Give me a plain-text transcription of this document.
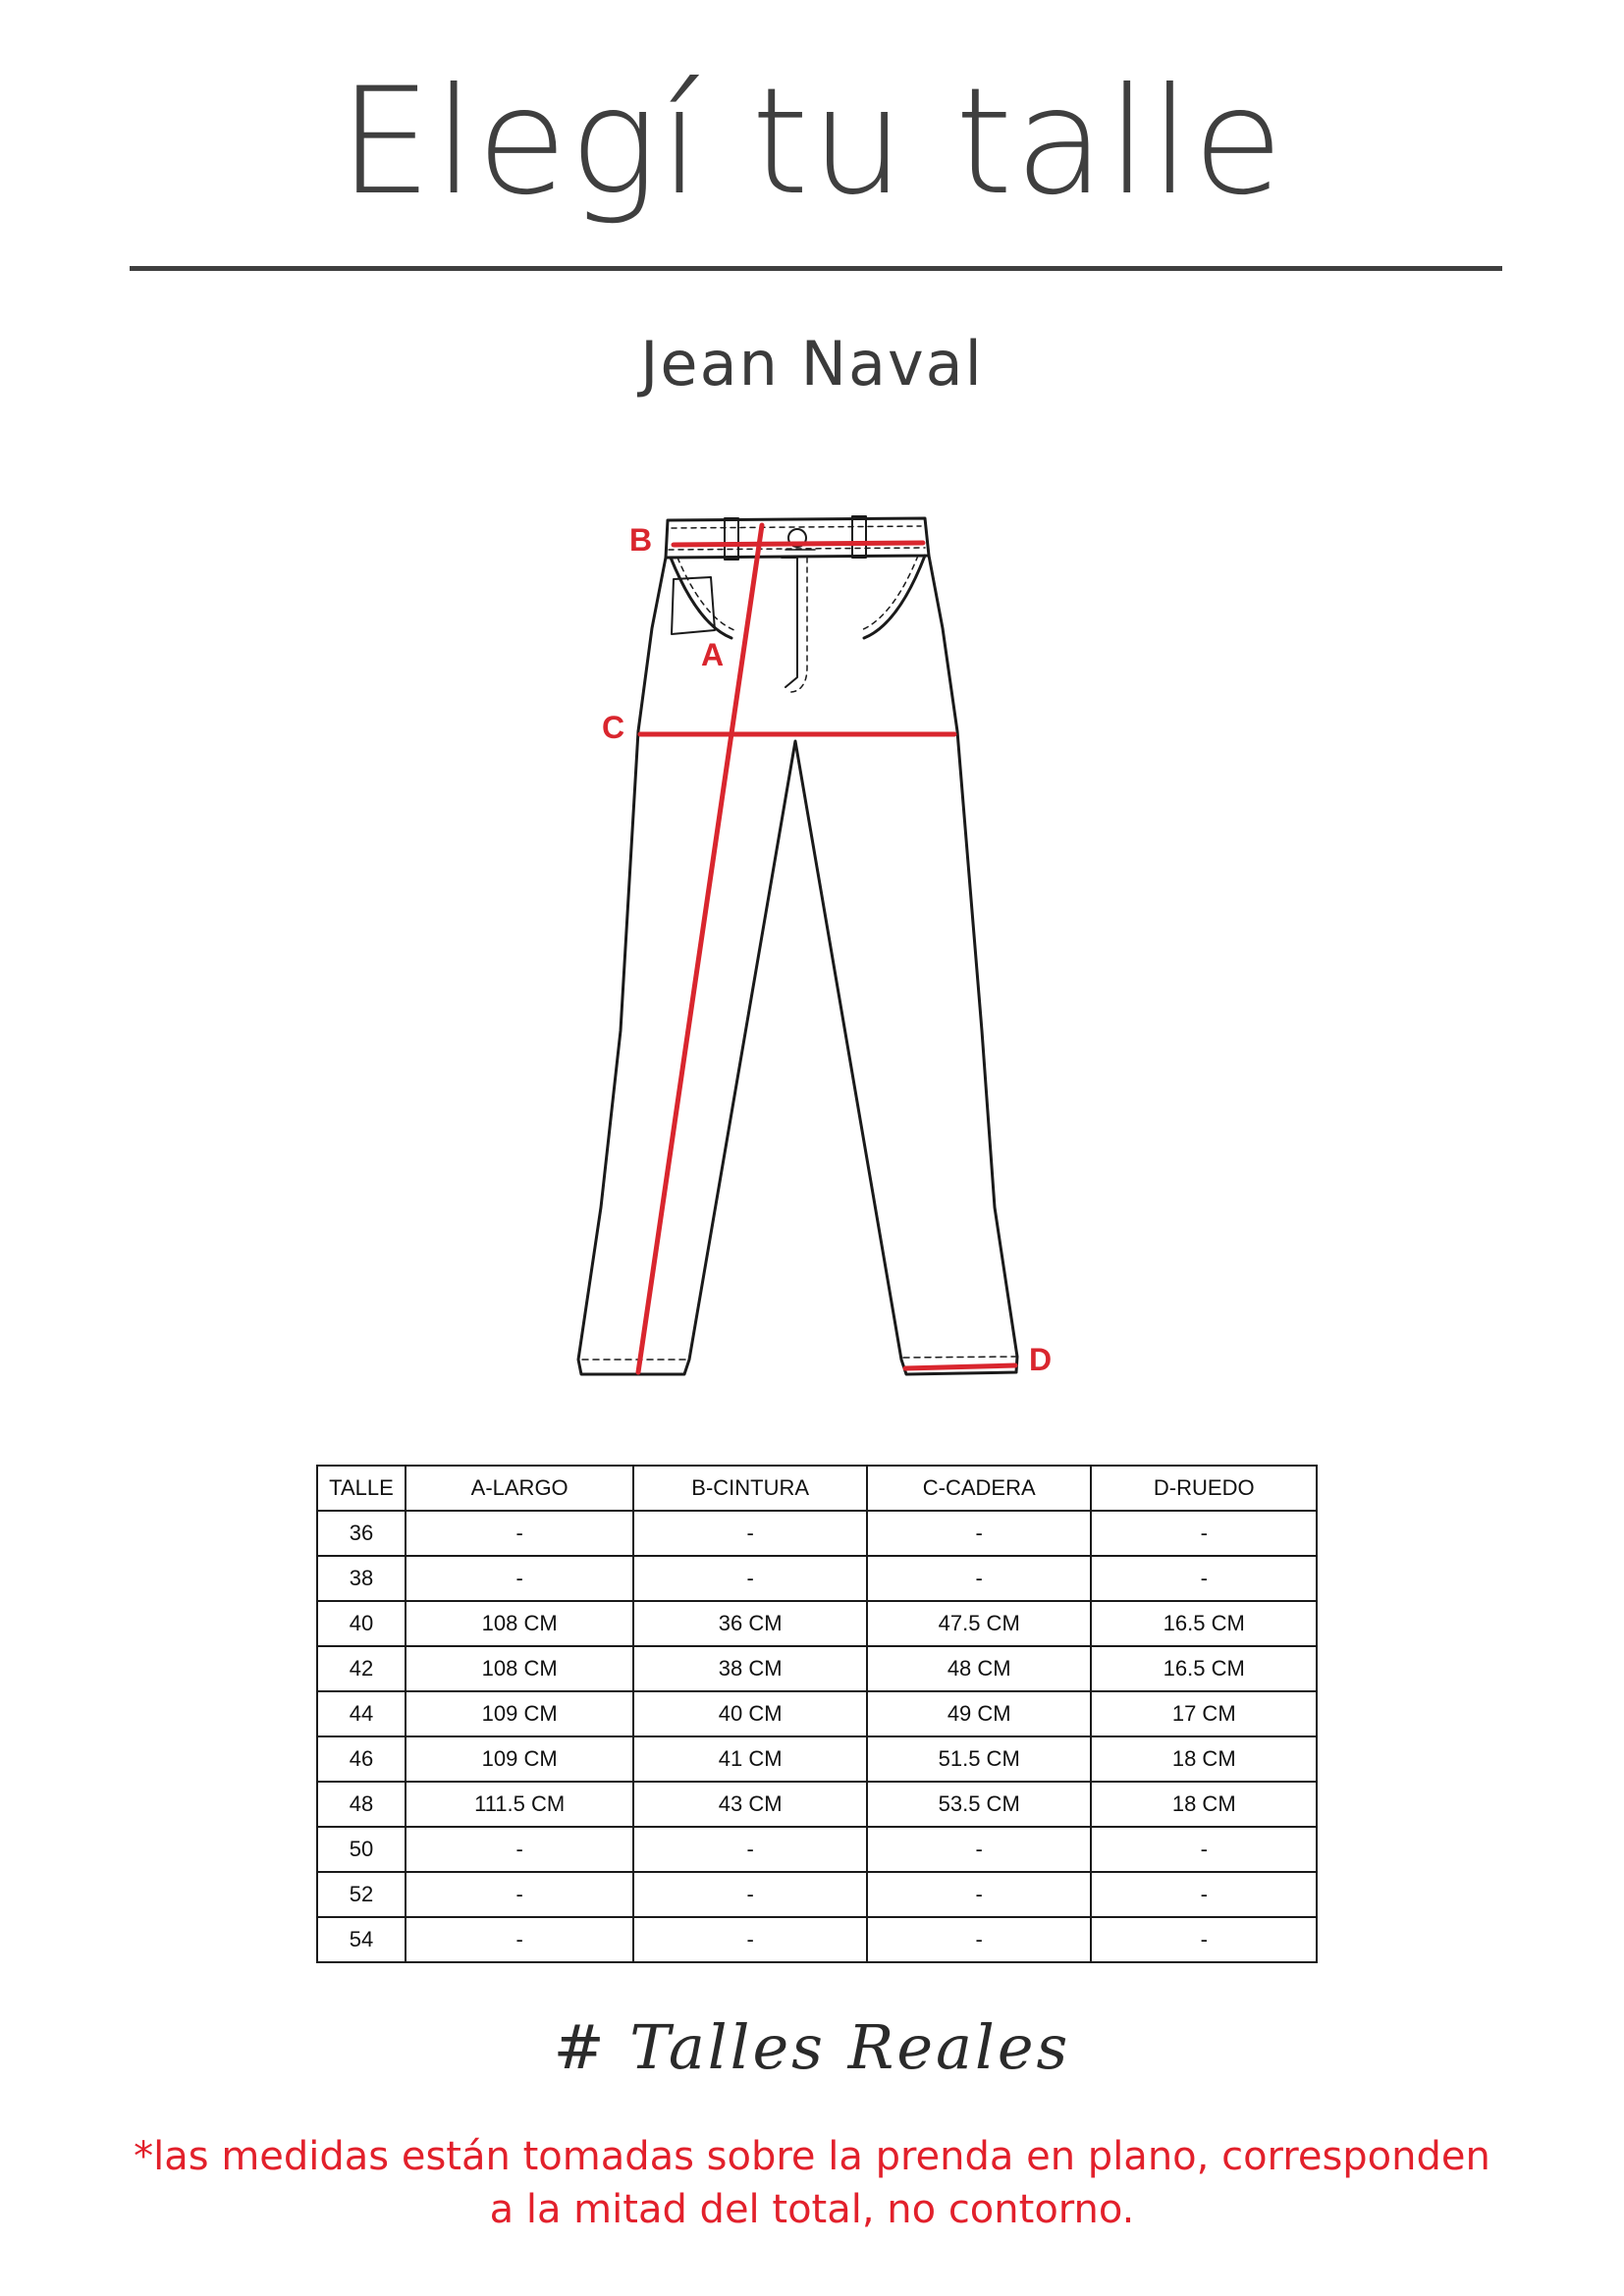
Elegí tu talle
Jean Naval
B
A
C
D
TALLE	A-LARGO	B-CINTURA	C-CADERA	D-RUEDO
36	-	-	-	-
38	-	-	-	-
40	108 CM	36 CM	47.5 CM	16.5 CM
42	108 CM	38 CM	48 CM	16.5 CM
44	109 CM	40 CM	49 CM	17 CM
46	109 CM	41 CM	51.5 CM	18 CM
48	111.5 CM	43 CM	53.5 CM	18 CM
50	-	-	-	-
52	-	-	-	-
54	-	-	-	-
# Talles Reales
*las medidas están tomadas sobre la prenda en plano, corresponden
a la mitad del total, no contorno.
